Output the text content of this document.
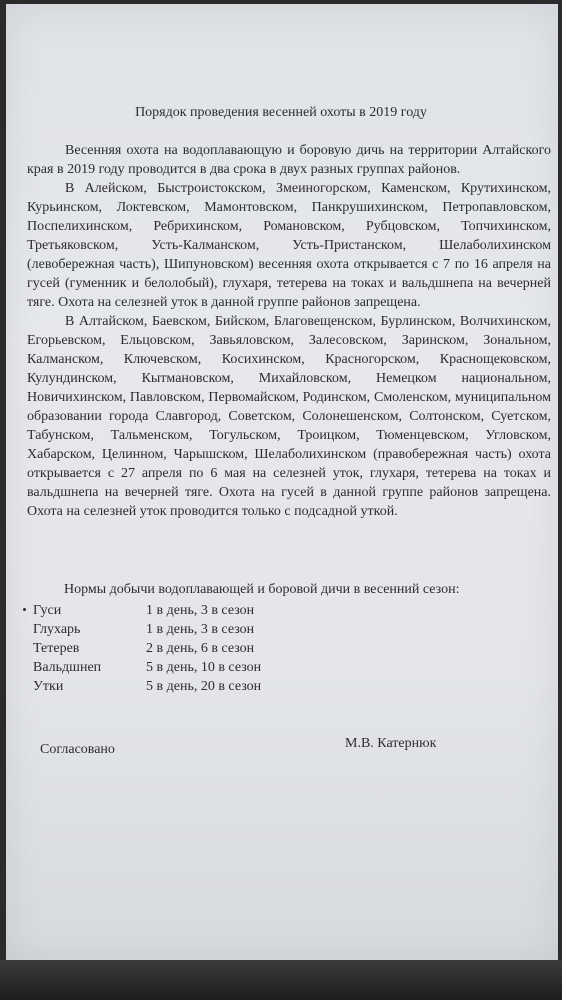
Порядок проведения весенней охоты в 2019 году

Весенняя охота на водоплавающую и боровую дичь на территории Алтайского края в 2019 году проводится в два срока в двух разных группах районов.

В Алейском, Быстроистокском, Змеиногорском, Каменском, Крутихинском, Курьинском, Локтевском, Мамонтовском, Панкрушихинском, Петропавловском, Поспелихинском, Ребрихинском, Романовском, Рубцовском, Топчихинском, Третьяковском, Усть-Калманском, Усть-Пристанском, Шелаболихинском (левобережная часть), Шипуновском) весенняя охота открывается с 7 по 16 апреля на гусей (гуменник и белолобый), глухаря, тетерева на токах и вальдшнепа на вечерней тяге. Охота на селезней уток в данной группе районов запрещена.

В Алтайском, Баевском, Бийском, Благовещенском, Бурлинском, Волчихинском, Егорьевском, Ельцовском, Завьяловском, Залесовском, Заринском, Зональном, Калманском, Ключевском, Косихинском, Красногорском, Краснощековском, Кулундинском, Кытмановском, Михайловском, Немецком национальном, Новичихинском, Павловском, Первомайском, Родинском, Смоленском, муниципальном образовании города Славгород, Советском, Солонешенском, Солтонском, Суетском, Табунском, Тальменском, Тогульском, Троицком, Тюменцевском, Угловском, Хабарском, Целинном, Чарышском, Шелаболихинском (правобережная часть) охота открывается с 27 апреля по 6 мая на селезней уток, глухаря, тетерева на токах и вальдшнепа на вечерней тяге. Охота на гусей в данной группе районов запрещена. Охота на селезней уток проводится только с подсадной уткой.

Нормы добычи водоплавающей и боровой дичи в весенний сезон:
Гуси	1 в день, 3 в сезон
Глухарь	1 в день, 3 в сезон
Тетерев	2 в день, 6 в сезон
Вальдшнеп	5 в день, 10 в сезон
Утки	5 в день, 20 в сезон
Согласовано	М.В. Катернюк
